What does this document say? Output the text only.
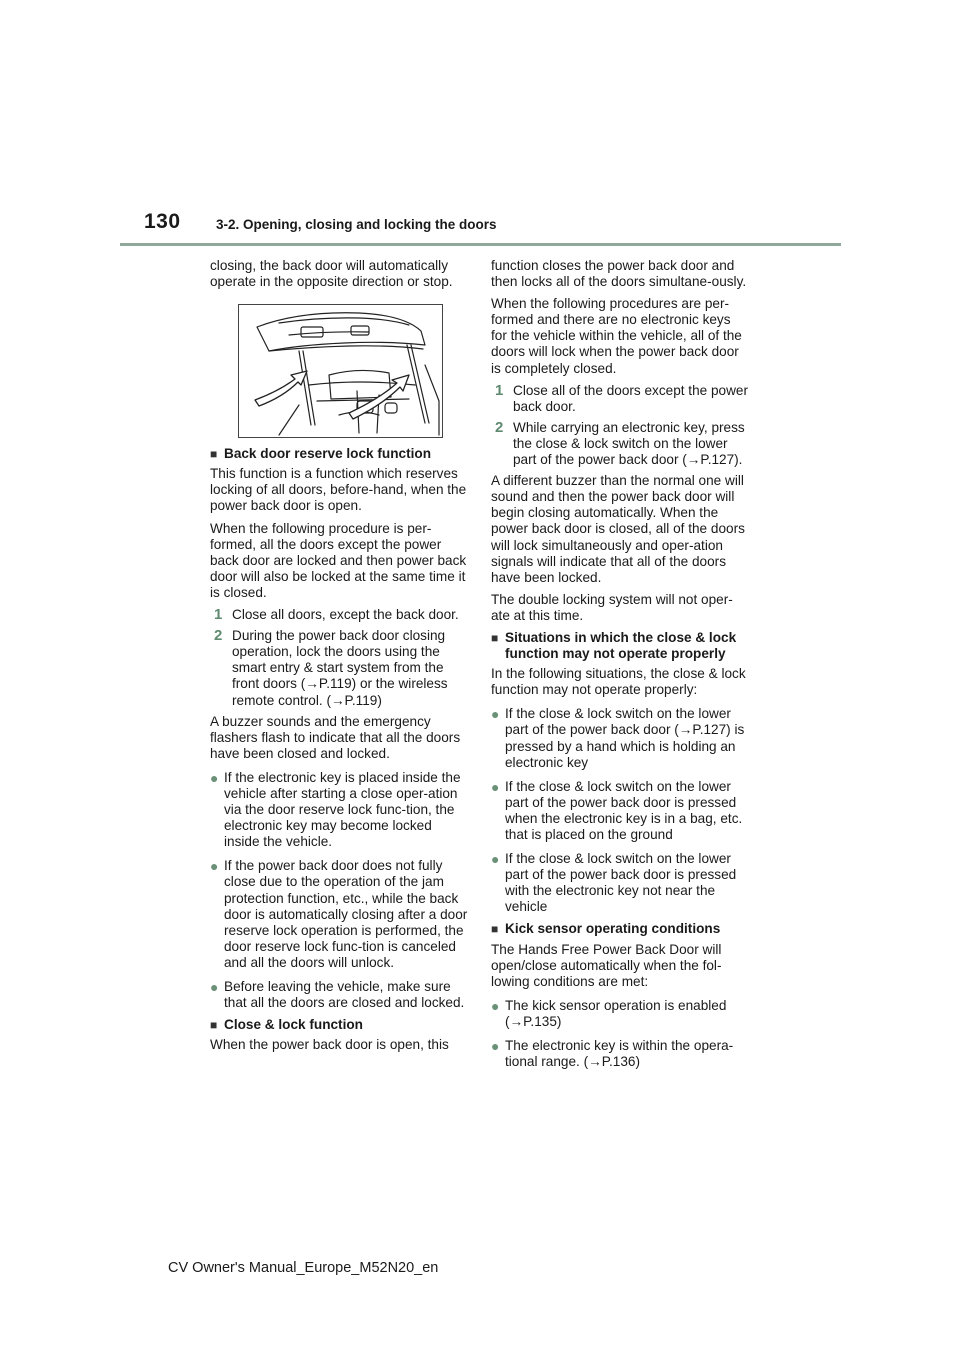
130	3-2. Opening, closing and locking the doors

closing, the back door will automatically operate in the opposite direction or stop.

■ Back door reserve lock function

This function is a function which reserves locking of all doors, before-hand, when the power back door is open.

When the following procedure is per-formed, all the doors except the power back door are locked and then power back door will also be locked at the same time it is closed.

1 Close all doors, except the back door.
2 During the power back door closing operation, lock the doors using the smart entry & start system from the front doors (→P.119) or the wireless remote control. (→P.119)

A buzzer sounds and the emergency flashers flash to indicate that all the doors have been closed and locked.

● If the electronic key is placed inside the vehicle after starting a close oper-ation via the door reserve lock func-tion, the electronic key may become locked inside the vehicle.
● If the power back door does not fully close due to the operation of the jam protection function, etc., while the back door is automatically closing after a door reserve lock operation is performed, the door reserve lock func-tion is canceled and all the doors will unlock.
● Before leaving the vehicle, make sure that all the doors are closed and locked.
■ Close & lock function

When the power back door is open, this

function closes the power back door and then locks all of the doors simultane-ously.

When the following procedures are per-formed and there are no electronic keys for the vehicle within the vehicle, all of the doors will lock when the power back door is completely closed.

1 Close all of the doors except the power back door.
2 While carrying an electronic key, press the close & lock switch on the lower part of the power back door (→P.127).

A different buzzer than the normal one will sound and then the power back door will begin closing automatically. When the power back door is closed, all of the doors will lock simultaneously and oper-ation signals will indicate that all of the doors have been locked.

The double locking system will not oper-ate at this time.

■ Situations in which the close & lock function may not operate properly

In the following situations, the close & lock function may not operate properly:

● If the close & lock switch on the lower part of the power back door (→P.127) is pressed by a hand which is holding an electronic key
● If the close & lock switch on the lower part of the power back door is pressed when the electronic key is in a bag, etc. that is placed on the ground
● If the close & lock switch on the lower part of the power back door is pressed with the electronic key not near the vehicle
■ Kick sensor operating conditions

The Hands Free Power Back Door will open/close automatically when the fol-lowing conditions are met:

● The kick sensor operation is enabled (→P.135)
● The electronic key is within the opera-tional range. (→P.136)
CV Owner's Manual_Europe_M52N20_en
